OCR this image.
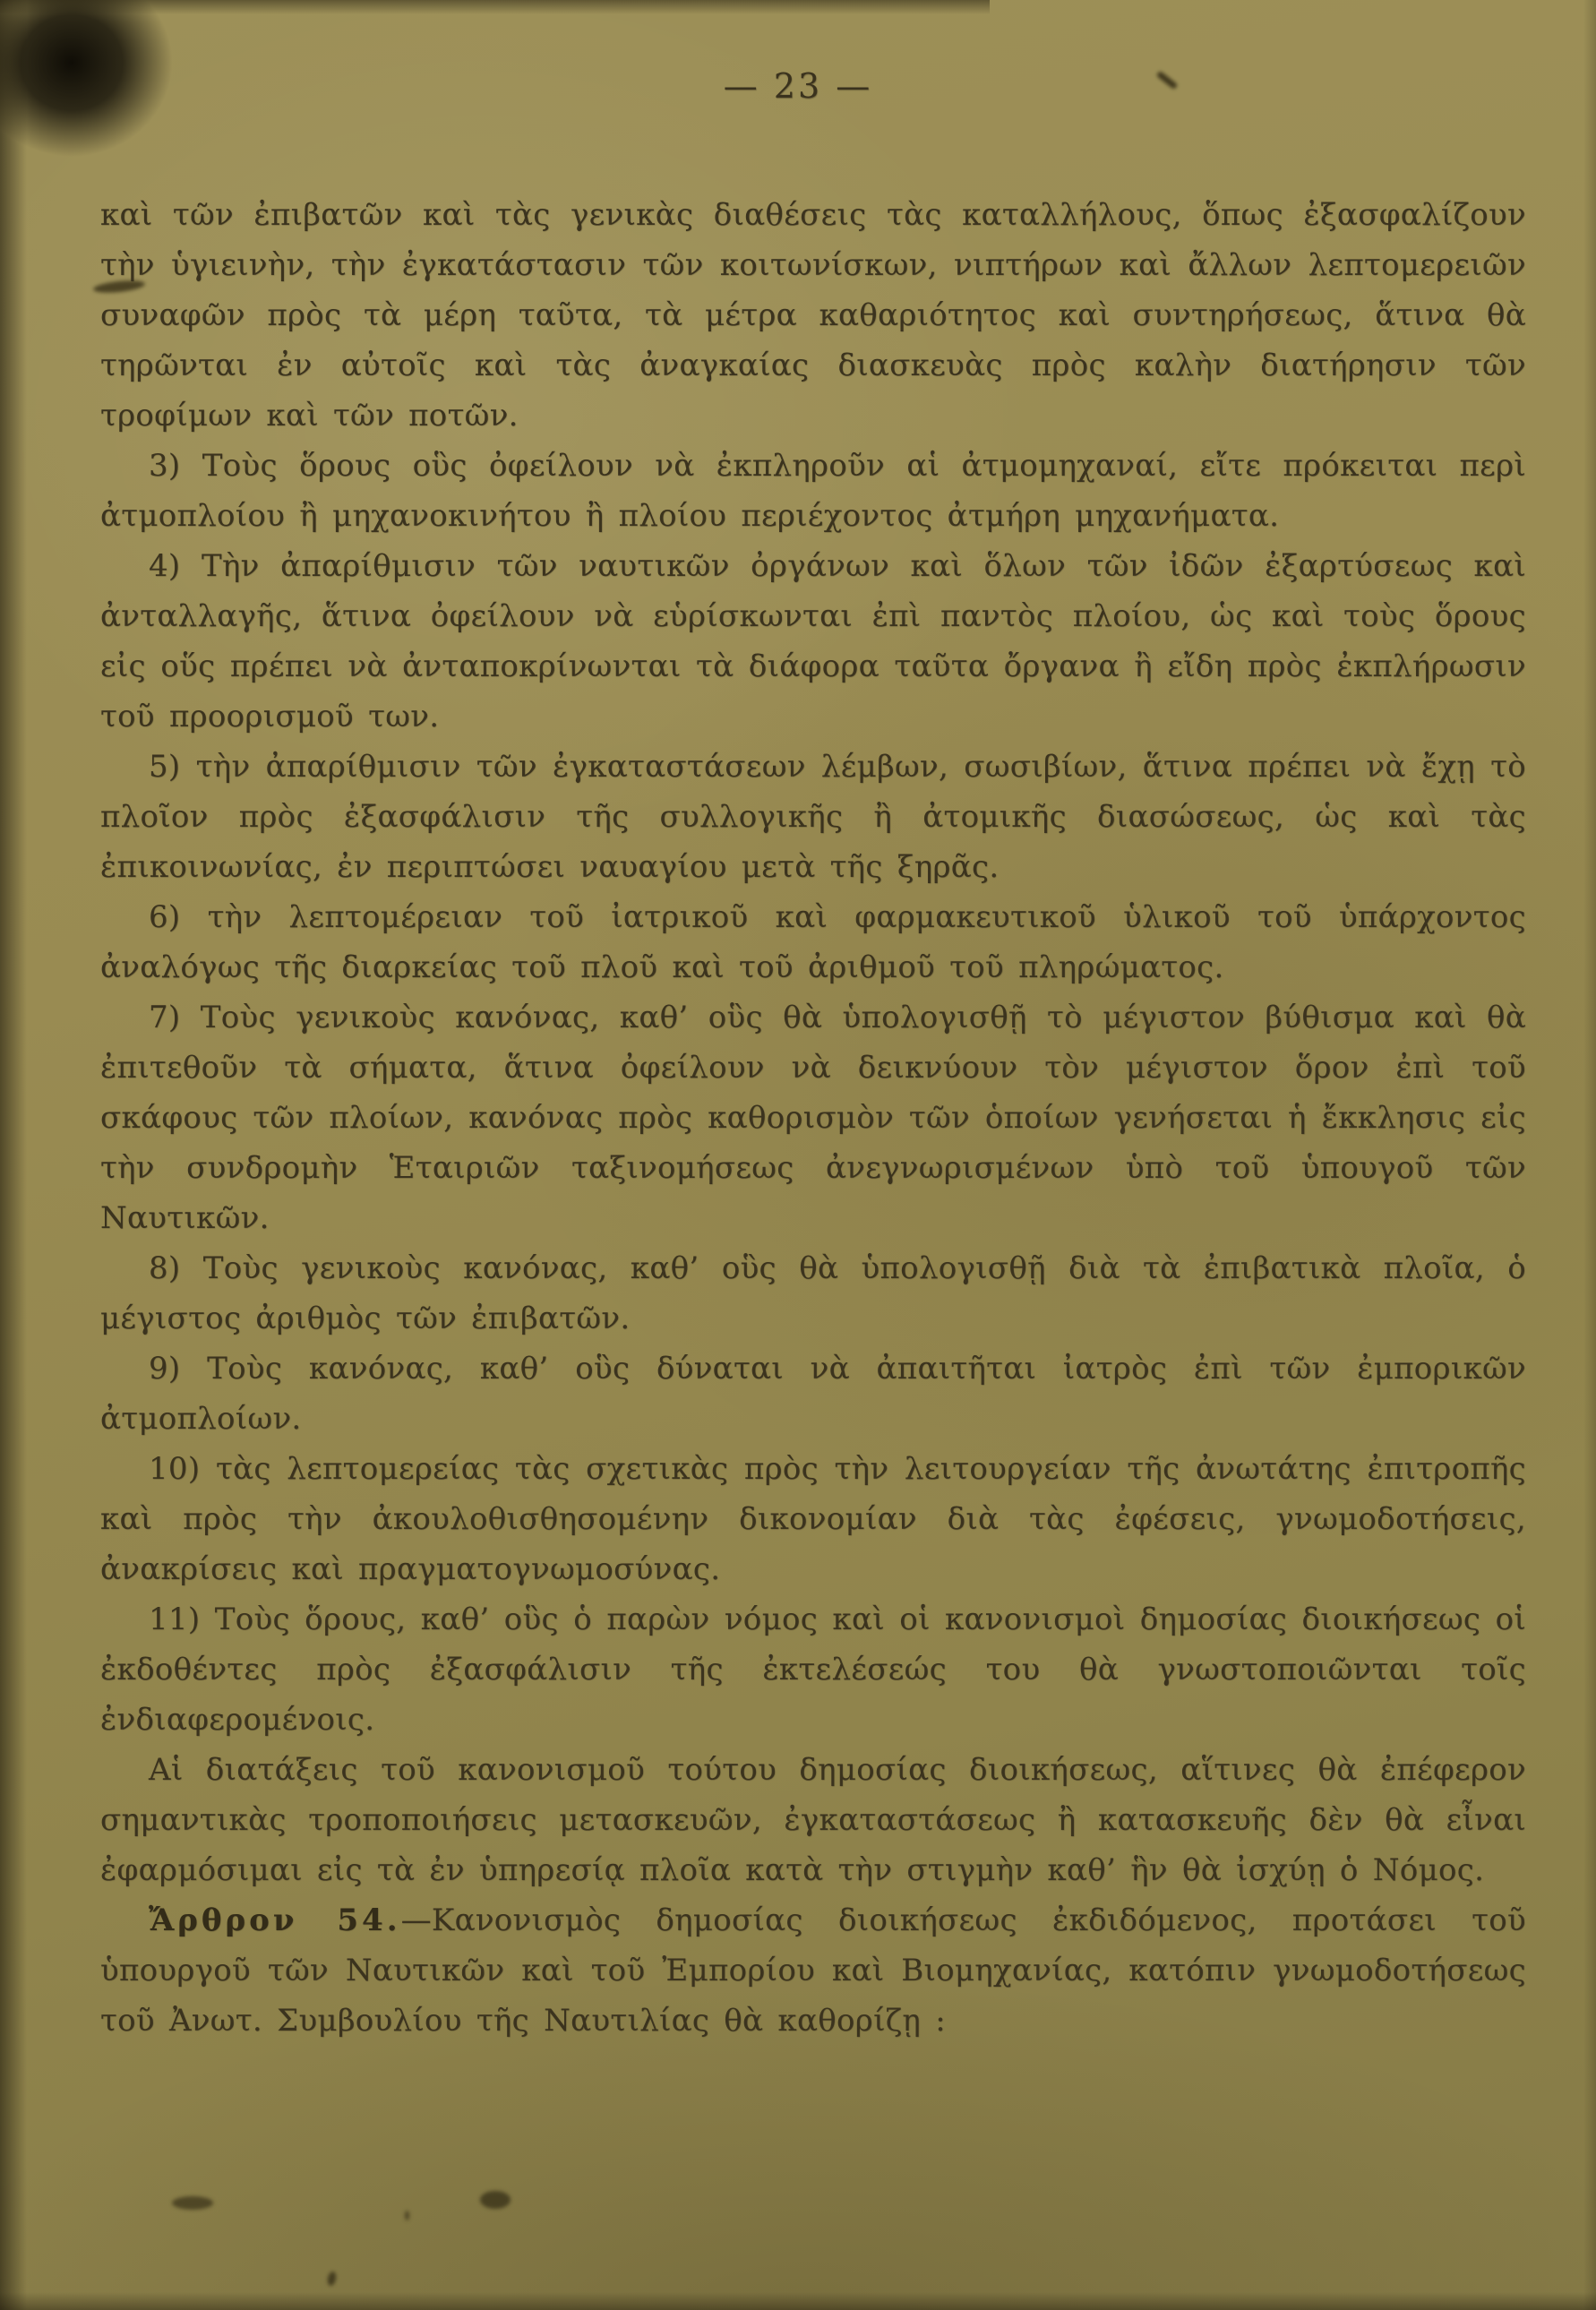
— 23 —

καὶ τῶν ἐπιβατῶν καὶ τὰς γενικὰς διαθέσεις τὰς καταλλήλους, ὅπως ἐξασφαλίζουν τὴν ὑγιεινὴν, τὴν ἐγκατάστασιν τῶν κοιτωνίσκων, νιπτήρων καὶ ἄλλων λεπτομερειῶν συναφῶν πρὸς τὰ μέρη ταῦτα, τὰ μέτρα καθαριότητος καὶ συντηρήσεως, ἅτινα θὰ τηρῶνται ἐν αὐτοῖς καὶ τὰς ἀναγκαίας διασκευὰς πρὸς καλὴν διατήρησιν τῶν τροφίμων καὶ τῶν ποτῶν.

3) Τοὺς ὅρους οὓς ὀφείλουν νὰ ἐκπληροῦν αἱ ἀτμομηχαναί, εἴτε πρόκειται περὶ ἀτμοπλοίου ἢ μηχανοκινήτου ἢ πλοίου περιέχοντος ἀτμήρη μηχανήματα.

4) Τὴν ἀπαρίθμισιν τῶν ναυτικῶν ὀργάνων καὶ ὅλων τῶν ἰδῶν ἐξαρτύσεως καὶ ἀνταλλαγῆς, ἅτινα ὀφείλουν νὰ εὑρίσκωνται ἐπὶ παντὸς πλοίου, ὡς καὶ τοὺς ὅρους εἰς οὕς πρέπει νὰ ἀνταποκρίνωνται τὰ διάφορα ταῦτα ὄργανα ἢ εἴδη πρὸς ἐκπλήρωσιν τοῦ προορισμοῦ των.

5) τὴν ἀπαρίθμισιν τῶν ἐγκαταστάσεων λέμβων, σωσιβίων, ἅτινα πρέπει νὰ ἔχῃ τὸ πλοῖον πρὸς ἐξασφάλισιν τῆς συλλογικῆς ἢ ἀτομικῆς διασώσεως, ὡς καὶ τὰς ἐπικοινωνίας, ἐν περιπτώσει ναυαγίου μετὰ τῆς ξηρᾶς.

6) τὴν λεπτομέρειαν τοῦ ἰατρικοῦ καὶ φαρμακευτικοῦ ὑλικοῦ τοῦ ὑπάρχοντος ἀναλόγως τῆς διαρκείας τοῦ πλοῦ καὶ τοῦ ἀριθμοῦ τοῦ πληρώματος.

7) Τοὺς γενικοὺς κανόνας, καθ’ οὓς θὰ ὑπολογισθῇ τὸ μέγιστον βύθισμα καὶ θὰ ἐπιτεθοῦν τὰ σήματα, ἅτινα ὀφείλουν νὰ δεικνύουν τὸν μέγιστον ὅρον ἐπὶ τοῦ σκάφους τῶν πλοίων, κανόνας πρὸς καθορισμὸν τῶν ὁποίων γενήσεται ἡ ἔκκλησις εἰς τὴν συνδρομὴν Ἑταιριῶν ταξινομήσεως ἀνεγνωρισμένων ὑπὸ τοῦ ὑπουγοῦ τῶν Ναυτικῶν.

8) Τοὺς γενικοὺς κανόνας, καθ’ οὓς θὰ ὑπολογισθῇ διὰ τὰ ἐπιβατικὰ πλοῖα, ὁ μέγιστος ἀριθμὸς τῶν ἐπιβατῶν.

9) Τοὺς κανόνας, καθ’ οὓς δύναται νὰ ἀπαιτῆται ἰατρὸς ἐπὶ τῶν ἐμπορικῶν ἀτμοπλοίων.

10) τὰς λεπτομερείας τὰς σχετικὰς πρὸς τὴν λειτουργείαν τῆς ἀνωτάτης ἐπιτροπῆς καὶ πρὸς τὴν ἀκουλοθισθησομένην δικονομίαν διὰ τὰς ἐφέσεις, γνωμοδοτήσεις, ἀνακρίσεις καὶ πραγματογνωμοσύνας.

11) Τοὺς ὅρους, καθ’ οὓς ὁ παρὼν νόμος καὶ οἱ κανονισμοὶ δημοσίας διοικήσεως οἱ ἐκδοθέντες πρὸς ἐξασφάλισιν τῆς ἐκτελέσεώς του θὰ γνωστοποιῶνται τοῖς ἐνδιαφερομένοις.

Αἱ διατάξεις τοῦ κανονισμοῦ τούτου δημοσίας διοικήσεως, αἵτινες θὰ ἐπέφερον σημαντικὰς τροποποιήσεις μετασκευῶν, ἐγκαταστάσεως ἢ κατασκευῆς δὲν θὰ εἶναι ἐφαρμόσιμαι εἰς τὰ ἐν ὑπηρεσίᾳ πλοῖα κατὰ τὴν στιγμὴν καθ’ ἣν θὰ ἰσχύῃ ὁ Νόμος.

Ἄρθρον 54.—Κανονισμὸς δημοσίας διοικήσεως ἐκδιδόμενος, προτάσει τοῦ ὑπουργοῦ τῶν Ναυτικῶν καὶ τοῦ Ἐμπορίου καὶ Βιομηχανίας, κατόπιν γνωμοδοτήσεως τοῦ Ἀνωτ. Συμβουλίου τῆς Ναυτιλίας θὰ καθορίζῃ :
